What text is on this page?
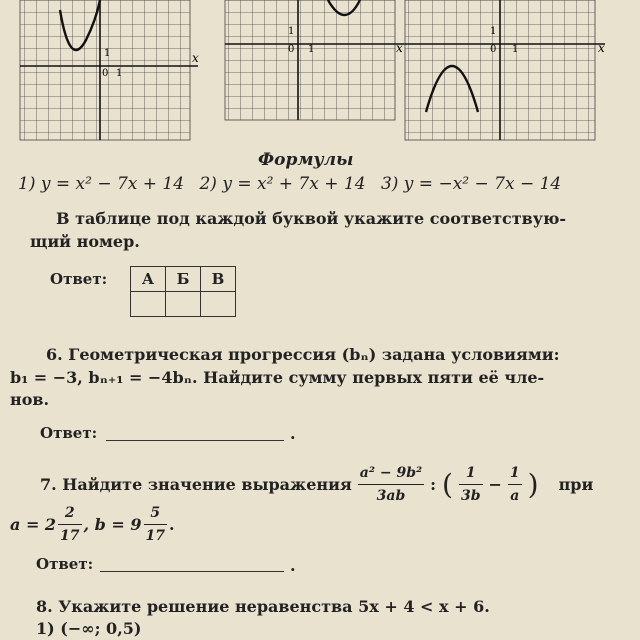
x
1
0 1
x
1
0 1	x
1
0 1
Формулы
1) y = x² − 7x + 14 2) y = x² + 7x + 14 3) y = −x² − 7x − 14
В таблице под каждой буквой укажите соответствую-
щий номер.
Ответ: А	Б	В

6. Геометрическая прогрессия (bₙ) задана условиями:
b₁ = −3, bₙ₊₁ = −4bₙ. Найдите сумму первых пяти её чле-
нов.
Ответ:	.
7. Найдите значение выражения $\frac{\text{a² − 9b²}}{3ab}$ : ( $\frac{1}{3b} - \frac{1}{a}$ ) при
$a = 2 \frac{2}{17}$ , $b = 9 \frac{5}{17}$ .
Ответ:	.
8. Укажите решение неравенства 5x + 4 < x + 6.
1) (−∞; 0,5)
